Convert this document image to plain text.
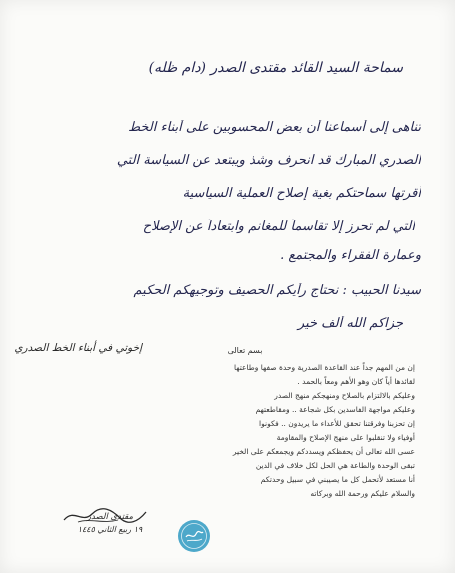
سماحة السيد القائد مقتدى الصدر (دام ظله)
تناهى إلى أسماعنا أن بعض المحسوبين على أبناء الخط
الصدري المبارك قد انحرف وشذ ويبتعد عن السياسة التي
أقرتها سماحتكم بغية إصلاح العملية السياسية
التي لم تحرز إلا تقاسماً للمغانم وابتعاداً عن الإصلاح
وعمارة الفقراء والمجتمع .
سيدنا الحبيب : نحتاج رأيكم الحصيف وتوجيهكم الحكيم
جزاكم الله ألف خير
إخوتي في أبناء الخط الصدري	بسم تعالى
إن من المهم جداً عند القاعدة الصدرية وحدة صفها وطاعتها
لقائدها أياً كان وهو الأهم ومعاً بالحمد .
وعليكم بالالتزام بالصلاح ومنهجكم منهج الصدر
وعليكم مواجهة الفاسدين بكل شجاعة .. ومقاطعتهم
إن تحزبنا وفرقتنا تحقق للأعداء ما يريدون .. فكونوا
أوفياء ولا تنقلبوا على منهج الإصلاح والمقاومة
عسى الله تعالى أن يحفظكم ويسددكم ويجمعكم على الخير
تبقى الوحدة والطاعة هي الحل لكل خلاف في الدين
أنا مستعد لأتحمل كل ما يصيبني في سبيل وحدتكم
والسلام عليكم ورحمة الله وبركاته
مقتدى الصدر
١٩ ربيع الثاني ١٤٤٥
